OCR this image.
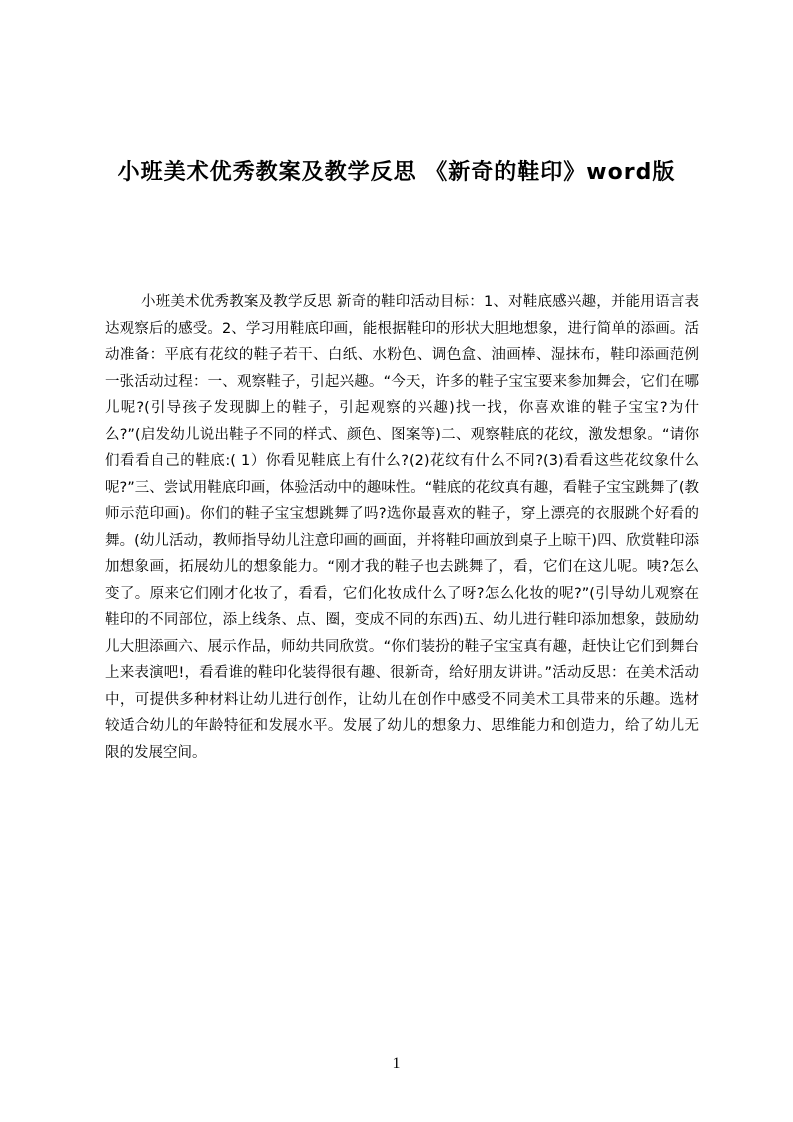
小班美术优秀教案及教学反思 《新奇的鞋印》word版

小班美术优秀教案及教学反思 新奇的鞋印活动目标：1、对鞋底感兴趣，并能用语言表达观察后的感受。2、学习用鞋底印画，能根据鞋印的形状大胆地想象，进行简单的添画。活动准备：平底有花纹的鞋子若干、白纸、水粉色、调色盒、油画棒、湿抹布，鞋印添画范例一张活动过程：一、观察鞋子，引起兴趣。“今天，许多的鞋子宝宝要来参加舞会，它们在哪儿呢?(引导孩子发现脚上的鞋子，引起观察的兴趣)找一找，你喜欢谁的鞋子宝宝?为什么?”(启发幼儿说出鞋子不同的样式、颜色、图案等)二、观察鞋底的花纹，激发想象。“请你们看看自己的鞋底:( 1）你看见鞋底上有什么?(2)花纹有什么不同?(3)看看这些花纹象什么呢?”三、尝试用鞋底印画，体验活动中的趣味性。“鞋底的花纹真有趣，看鞋子宝宝跳舞了(教师示范印画)。你们的鞋子宝宝想跳舞了吗?选你最喜欢的鞋子，穿上漂亮的衣服跳个好看的舞。(幼儿活动，教师指导幼儿注意印画的画面，并将鞋印画放到桌子上晾干)四、欣赏鞋印添加想象画，拓展幼儿的想象能力。“刚才我的鞋子也去跳舞了，看，它们在这儿呢。咦?怎么变了。原来它们刚才化妆了，看看，它们化妆成什么了呀?怎么化妆的呢?”(引导幼儿观察在鞋印的不同部位，添上线条、点、圈，变成不同的东西)五、幼儿进行鞋印添加想象，鼓励幼儿大胆添画六、展示作品，师幼共同欣赏。“你们装扮的鞋子宝宝真有趣，赶快让它们到舞台上来表演吧!，看看谁的鞋印化装得很有趣、很新奇，给好朋友讲讲。”活动反思：在美术活动中，可提供多种材料让幼儿进行创作，让幼儿在创作中感受不同美术工具带来的乐趣。选材较适合幼儿的年龄特征和发展水平。发展了幼儿的想象力、思维能力和创造力，给了幼儿无限的发展空间。

1
